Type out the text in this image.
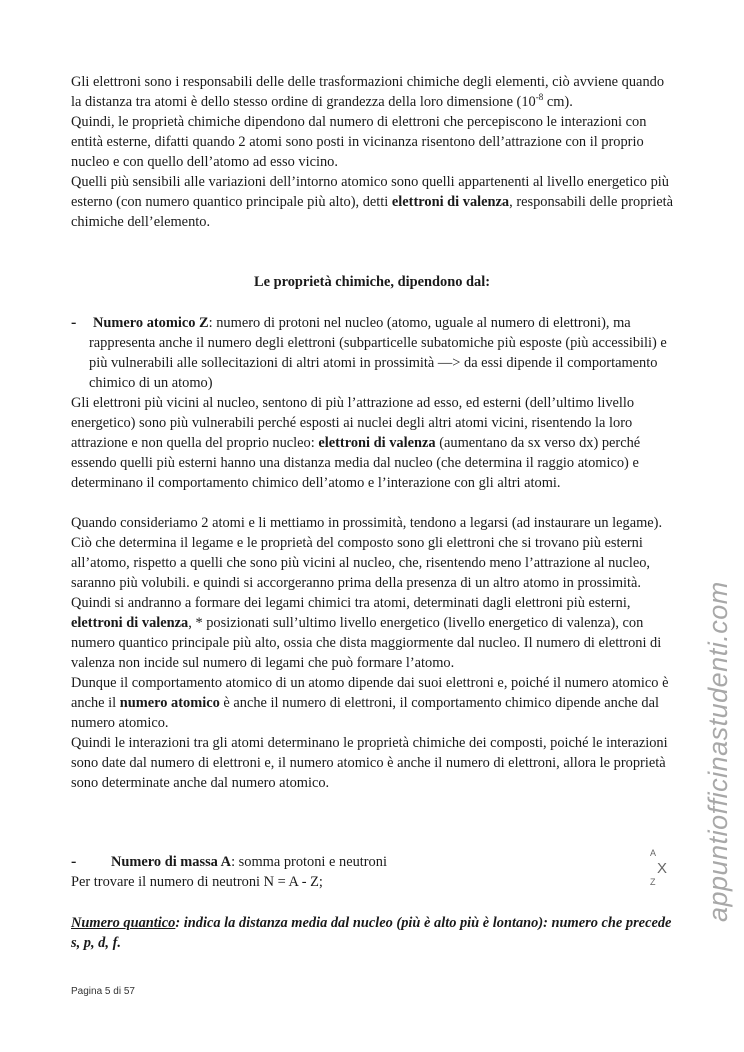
Gli elettroni sono i responsabili delle delle trasformazioni chimiche degli elementi, ciò avviene quando la distanza tra atomi è dello stesso ordine di grandezza della loro dimensione ($10^{-8}$ cm).

Quindi, le proprietà chimiche dipendono dal numero di elettroni che percepiscono le interazioni con entità esterne, difatti quando 2 atomi sono posti in vicinanza risentono dell’attrazione con il proprio nucleo e con quello dell’atomo ad esso vicino.

Quelli più sensibili alle variazioni dell’intorno atomico sono quelli appartenenti al livello energetico più esterno (con numero quantico principale più alto), detti elettroni di valenza, responsabili delle proprietà chimiche dell’elemento.

Le proprietà chimiche, dipendono dal:
- Numero atomico Z: numero di protoni nel nucleo (atomo, uguale al numero di elettroni), ma rappresenta anche il numero degli elettroni (subparticelle subatomiche più esposte (più accessibili) e più vulnerabili alle sollecitazioni di altri atomi in prossimità —> da essi dipende il comportamento chimico di un atomo)

Gli elettroni più vicini al nucleo, sentono di più l’attrazione ad esso, ed esterni (dell’ultimo livello energetico) sono più vulnerabili perché esposti ai nuclei degli altri atomi vicini, risentendo la loro attrazione e non quella del proprio nucleo: elettroni di valenza (aumentano da sx verso dx) perché essendo quelli più esterni hanno una distanza media dal nucleo (che determina il raggio atomico) e determinano il comportamento chimico dell’atomo e l’interazione con gli altri atomi.

Quando consideriamo 2 atomi e li mettiamo in prossimità, tendono a legarsi (ad instaurare un legame). Ciò che determina il legame e le proprietà del composto sono gli elettroni che si trovano più esterni all’atomo, rispetto a quelli che sono più vicini al nucleo, che, risentendo meno l’attrazione al nucleo, saranno più volubili. e quindi si accorgeranno prima della presenza di un altro atomo in prossimità. Quindi si andranno a formare dei legami chimici tra atomi, determinati dagli elettroni più esterni, elettroni di valenza, * posizionati sull’ultimo livello energetico (livello energetico di valenza), con numero quantico principale più alto, ossia che dista maggiormente dal nucleo. Il numero di elettroni di valenza non incide sul numero di legami che può formare l’atomo.

Dunque il comportamento atomico di un atomo dipende dai suoi elettroni e, poiché il numero atomico è anche il numero atomico è anche il numero di elettroni, il comportamento chimico dipende anche dal numero atomico.

Quindi le interazioni tra gli atomi determinano le proprietà chimiche dei composti, poiché le interazioni sono date dal numero di elettroni e, il numero atomico è anche il numero di elettroni, allora le proprietà sono determinate anche dal numero atomico.

- Numero di massa A: somma protoni e neutroni
Per trovare il numero di neutroni N = A - Z;
A
X
Z

Numero quantico: indica la distanza media dal nucleo (più è alto più è lontano): numero che precede s, p, d, f.

Pagina 5 di 57
appuntiofficinastudenti.com
